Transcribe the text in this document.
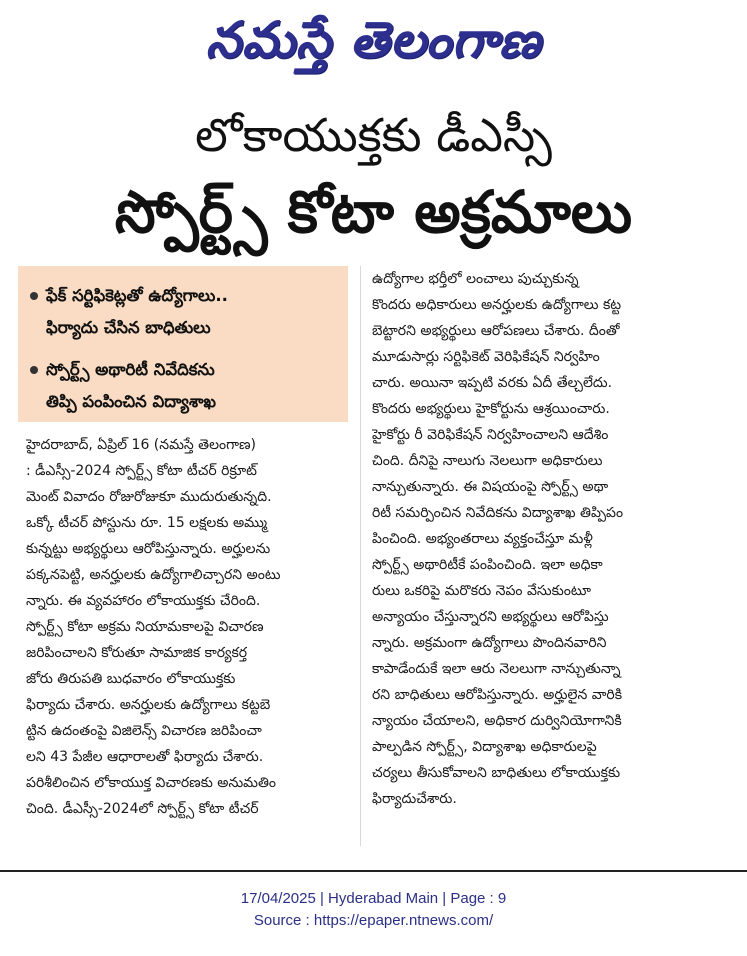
నమస్తే తెలంగాణ
లోకాయుక్తకు డీఎస్సీ
స్పోర్ట్స్‌ కోటా అక్రమాలు
ఫేక్‌ సర్టిఫికెట్లతో ఉద్యోగాలు..
ఫిర్యాదు చేసిన బాధితులు
స్పోర్ట్స్‌ అథారిటీ నివేదికను
తిప్పి పంపించిన విద్యాశాఖ
హైదరాబాద్‌, ఏప్రిల్‌ 16 (నమస్తే తెలంగాణ)
: డీఎస్సీ-2024 స్పోర్ట్స్‌ కోటా టీచర్‌ రిక్రూట్‌
మెంట్‌ వివాదం రోజురోజుకూ ముదురుతున్నది.
ఒక్కో టీచర్‌ పోస్టును రూ. 15 లక్షలకు అమ్ము
కున్నట్టు అభ్యర్థులు ఆరోపిస్తున్నారు. అర్హులను
పక్కనపెట్టి, అనర్హులకు ఉద్యోగాలిచ్చారని అంటు
న్నారు. ఈ వ్యవహారం లోకాయుక్తకు చేరింది.
స్పోర్ట్స్‌ కోటా అక్రమ నియామకాలపై విచారణ
జరిపించాలని కోరుతూ సామాజిక కార్యకర్త
జోరు తిరుపతి బుధవారం లోకాయుక్తకు
ఫిర్యాదు చేశారు. అనర్హులకు ఉద్యోగాలు కట్టబె
ట్టిన ఉదంతంపై విజిలెన్స్‌ విచారణ జరిపించా
లని 43 పేజీల ఆధారాలతో ఫిర్యాదు చేశారు.
పరిశీలించిన లోకాయుక్త విచారణకు అనుమతిం
చింది. డీఎస్సీ-2024లో స్పోర్ట్స్‌ కోటా టీచర్‌
ఉద్యోగాల భర్తీలో లంచాలు పుచ్చుకున్న
కొందరు అధికారులు అనర్హులకు ఉద్యోగాలు కట్ట
బెట్టారని అభ్యర్థులు ఆరోపణలు చేశారు. దీంతో
మూడుసార్లు సర్టిఫికెట్‌ వెరిఫికేషన్‌ నిర్వహిం
చారు. అయినా ఇప్పటి వరకు ఏదీ తేల్చలేదు.
కొందరు అభ్యర్థులు హైకోర్టును ఆశ్రయించారు.
హైకోర్టు రీ వెరిఫికేషన్‌ నిర్వహించాలని ఆదేశిం
చింది. దీనిపై నాలుగు నెలలుగా అధికారులు
నాన్చుతున్నారు. ఈ విషయంపై స్పోర్ట్స్‌ అథా
రిటీ సమర్పించిన నివేదికను విద్యాశాఖ తిప్పిపం
పించింది. అభ్యంతరాలు వ్యక్తంచేస్తూ మళ్లీ
స్పోర్ట్స్‌ అథారిటీకే పంపించింది. ఇలా అధికా
రులు ఒకరిపై మరొకరు నెపం వేసుకుంటూ
అన్యాయం చేస్తున్నారని అభ్యర్థులు ఆరోపిస్తు
న్నారు. అక్రమంగా ఉద్యోగాలు పొందినవారిని
కాపాడేందుకే ఇలా ఆరు నెలలుగా నాన్చుతున్నా
రని బాధితులు ఆరోపిస్తున్నారు. అర్హులైన వారికి
న్యాయం చేయాలని, అధికార దుర్వినియోగానికి
పాల్పడిన స్పోర్ట్స్‌, విద్యాశాఖ అధికారులపై
చర్యలు తీసుకోవాలని బాధితులు లోకాయుక్తకు
ఫిర్యాదుచేశారు.
17/04/2025 | Hyderabad Main | Page : 9
Source : https://epaper.ntnews.com/
